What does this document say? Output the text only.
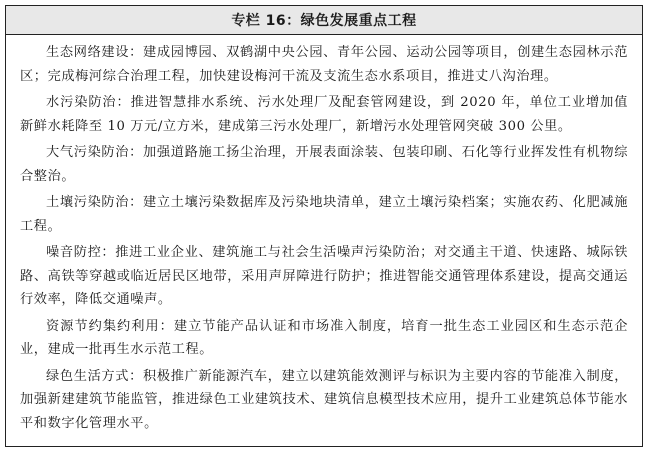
专栏 16：绿色发展重点工程

生态网络建设：建成园博园、双鹤湖中央公园、青年公园、运动公园等项目，创建生态园林示范区；完成梅河综合治理工程，加快建设梅河干流及支流生态水系项目，推进丈八沟治理。

水污染防治：推进智慧排水系统、污水处理厂及配套管网建设，到 2020 年，单位工业增加值新鲜水耗降至 10 万元/立方米，建成第三污水处理厂，新增污水处理管网突破 300 公里。

大气污染防治：加强道路施工扬尘治理，开展表面涂装、包装印刷、石化等行业挥发性有机物综合整治。

土壤污染防治：建立土壤污染数据库及污染地块清单，建立土壤污染档案；实施农药、化肥减施工程。

噪音防控：推进工业企业、建筑施工与社会生活噪声污染防治；对交通主干道、快速路、城际铁路、高铁等穿越或临近居民区地带，采用声屏障进行防护；推进智能交通管理体系建设，提高交通运行效率，降低交通噪声。

资源节约集约利用：建立节能产品认证和市场准入制度，培育一批生态工业园区和生态示范企业，建成一批再生水示范工程。

绿色生活方式：积极推广新能源汽车，建立以建筑能效测评与标识为主要内容的节能准入制度，加强新建建筑节能监管，推进绿色工业建筑技术、建筑信息模型技术应用，提升工业建筑总体节能水平和数字化管理水平。
